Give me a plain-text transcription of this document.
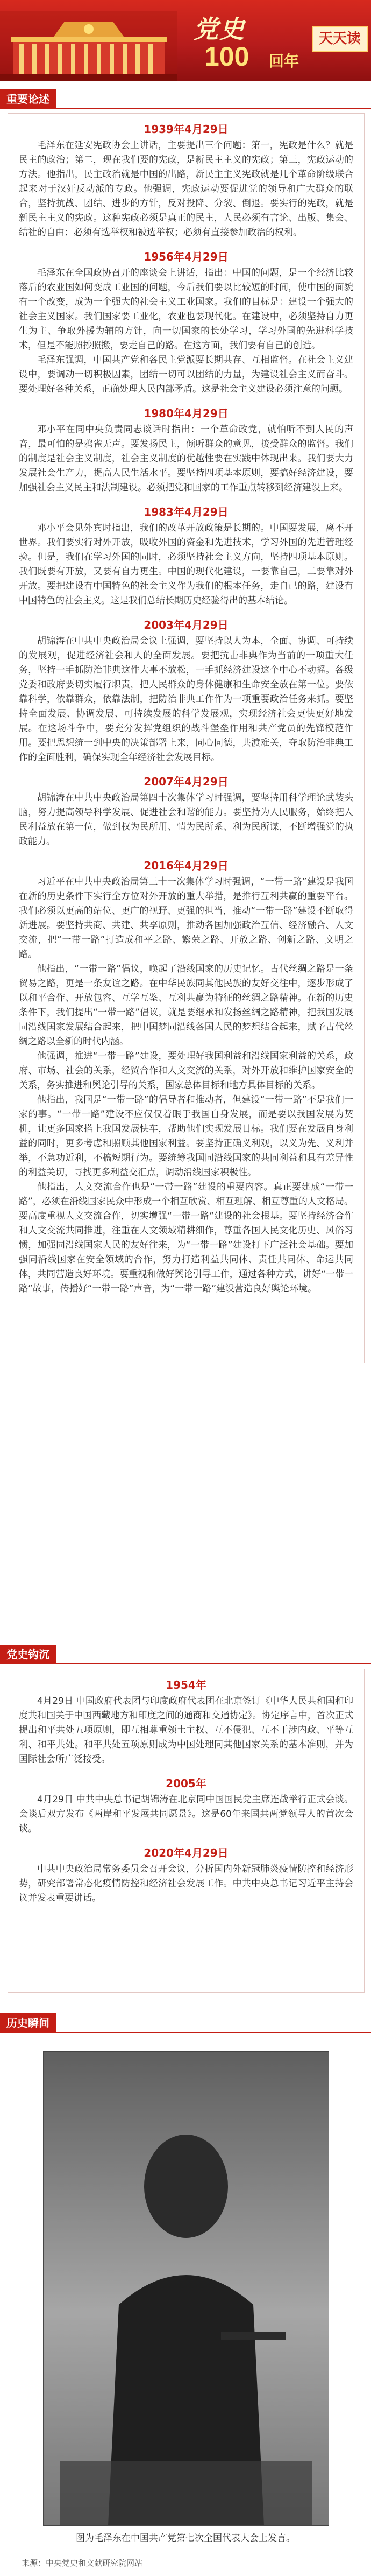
党史
100 回年
天天读
重要论述
1939年4月29日

毛泽东在延安宪政协会上讲话，主要提出三个问题：第一，宪政是什么？就是民主的政治；第二，现在我们要的宪政，是新民主主义的宪政；第三，宪政运动的方法。他指出，民主政治就是中国的出路，新民主主义宪政就是几个革命阶级联合起来对于汉奸反动派的专政。他强调，宪政运动要促进党的领导和广大群众的联合，坚持抗战、团结、进步的方针，反对投降、分裂、倒退。要实行的宪政，就是新民主主义的宪政。这种宪政必须是真正的民主，人民必须有言论、出版、集会、结社的自由；必须有选举权和被选举权；必须有直接参加政治的权利。

1956年4月29日

毛泽东在全国政协召开的座谈会上讲话，指出：中国的问题，是一个经济比较落后的农业国如何变成工业国的问题，今后我们要以比较短的时间，使中国的面貌有一个改变，成为一个强大的社会主义工业国家。我们的目标是：建设一个强大的社会主义国家。我们国家要工业化，农业也要现代化。在建设中，必须坚持自力更生为主、争取外援为辅的方针，向一切国家的长处学习，学习外国的先进科学技术，但是不能照抄照搬，要走自己的路。在这方面，我们要有自己的创造。

毛泽东强调，中国共产党和各民主党派要长期共存、互相监督。在社会主义建设中，要调动一切积极因素，团结一切可以团结的力量，为建设社会主义而奋斗。要处理好各种关系，正确处理人民内部矛盾。这是社会主义建设必须注意的问题。

1980年4月29日

邓小平在同中央负责同志谈话时指出：一个革命政党，就怕听不到人民的声音，最可怕的是鸦雀无声。要发扬民主，倾听群众的意见，接受群众的监督。我们的制度是社会主义制度，社会主义制度的优越性要在实践中体现出来。我们要大力发展社会生产力，提高人民生活水平。要坚持四项基本原则，要搞好经济建设，要加强社会主义民主和法制建设。必须把党和国家的工作重点转移到经济建设上来。

1983年4月29日

邓小平会见外宾时指出，我们的改革开放政策是长期的。中国要发展，离不开世界。我们要实行对外开放，吸收外国的资金和先进技术，学习外国的先进管理经验。但是，我们在学习外国的同时，必须坚持社会主义方向，坚持四项基本原则。我们既要有开放，又要有自力更生。中国的现代化建设，一要靠自己，二要靠对外开放。要把建设有中国特色的社会主义作为我们的根本任务，走自己的路，建设有中国特色的社会主义。这是我们总结长期历史经验得出的基本结论。

2003年4月29日

胡锦涛在中共中央政治局会议上强调，要坚持以人为本，全面、协调、可持续的发展观，促进经济社会和人的全面发展。要把抗击非典作为当前的一项重大任务，坚持一手抓防治非典这件大事不放松，一手抓经济建设这个中心不动摇。各级党委和政府要切实履行职责，把人民群众的身体健康和生命安全放在第一位。要依靠科学，依靠群众，依靠法制，把防治非典工作作为一项重要政治任务来抓。要坚持全面发展、协调发展、可持续发展的科学发展观，实现经济社会更快更好地发展。在这场斗争中，要充分发挥党组织的战斗堡垒作用和共产党员的先锋模范作用。要把思想统一到中央的决策部署上来，同心同德，共渡难关，夺取防治非典工作的全面胜利，确保实现全年经济社会发展目标。

2007年4月29日

胡锦涛在中共中央政治局第四十次集体学习时强调，要坚持用科学理论武装头脑，努力提高领导科学发展、促进社会和谐的能力。要坚持为人民服务，始终把人民利益放在第一位，做到权为民所用、情为民所系、利为民所谋，不断增强党的执政能力。

2016年4月29日

习近平在中共中央政治局第三十一次集体学习时强调，“一带一路”建设是我国在新的历史条件下实行全方位对外开放的重大举措，是推行互利共赢的重要平台。我们必须以更高的站位、更广的视野、更强的担当，推动“一带一路”建设不断取得新进展。要坚持共商、共建、共享原则，推动各国加强政治互信、经济融合、人文交流，把“一带一路”打造成和平之路、繁荣之路、开放之路、创新之路、文明之路。

他指出，“一带一路”倡议，唤起了沿线国家的历史记忆。古代丝绸之路是一条贸易之路，更是一条友谊之路。在中华民族同其他民族的友好交往中，逐步形成了以和平合作、开放包容、互学互鉴、互利共赢为特征的丝绸之路精神。在新的历史条件下，我们提出“一带一路”倡议，就是要继承和发扬丝绸之路精神，把我国发展同沿线国家发展结合起来，把中国梦同沿线各国人民的梦想结合起来，赋予古代丝绸之路以全新的时代内涵。

他强调，推进“一带一路”建设，要处理好我国利益和沿线国家利益的关系，政府、市场、社会的关系，经贸合作和人文交流的关系，对外开放和维护国家安全的关系，务实推进和舆论引导的关系，国家总体目标和地方具体目标的关系。

他指出，我国是“一带一路”的倡导者和推动者，但建设“一带一路”不是我们一家的事。“一带一路”建设不应仅仅着眼于我国自身发展，而是要以我国发展为契机，让更多国家搭上我国发展快车，帮助他们实现发展目标。我们要在发展自身利益的同时，更多考虑和照顾其他国家利益。要坚持正确义利观，以义为先、义利并举，不急功近利，不搞短期行为。要统筹我国同沿线国家的共同利益和具有差异性的利益关切，寻找更多利益交汇点，调动沿线国家积极性。

他指出，人文交流合作也是“一带一路”建设的重要内容。真正要建成“一带一路”，必须在沿线国家民众中形成一个相互欣赏、相互理解、相互尊重的人文格局。要高度重视人文交流合作，切实增强“一带一路”建设的社会根基。要坚持经济合作和人文交流共同推进，注重在人文领域精耕细作，尊重各国人民文化历史、风俗习惯，加强同沿线国家人民的友好往来，为“一带一路”建设打下广泛社会基础。要加强同沿线国家在安全领域的合作，努力打造利益共同体、责任共同体、命运共同体，共同营造良好环境。要重视和做好舆论引导工作，通过各种方式，讲好“一带一路”故事，传播好“一带一路”声音，为“一带一路”建设营造良好舆论环境。

党史钩沉
1954年

4月29日 中国政府代表团与印度政府代表团在北京签订《中华人民共和国和印度共和国关于中国西藏地方和印度之间的通商和交通协定》。协定序言中，首次正式提出和平共处五项原则，即互相尊重领土主权、互不侵犯、互不干涉内政、平等互利、和平共处。和平共处五项原则成为中国处理同其他国家关系的基本准则，并为国际社会所广泛接受。

2005年

4月29日 中共中央总书记胡锦涛在北京同中国国民党主席连战举行正式会谈。会谈后双方发布《两岸和平发展共同愿景》。这是60年来国共两党领导人的首次会谈。

2020年4月29日

中共中央政治局常务委员会召开会议，分析国内外新冠肺炎疫情防控和经济形势，研究部署常态化疫情防控和经济社会发展工作。中共中央总书记习近平主持会议并发表重要讲话。

历史瞬间
图为毛泽东在中国共产党第七次全国代表大会上发言。
来源：中央党史和文献研究院网站
